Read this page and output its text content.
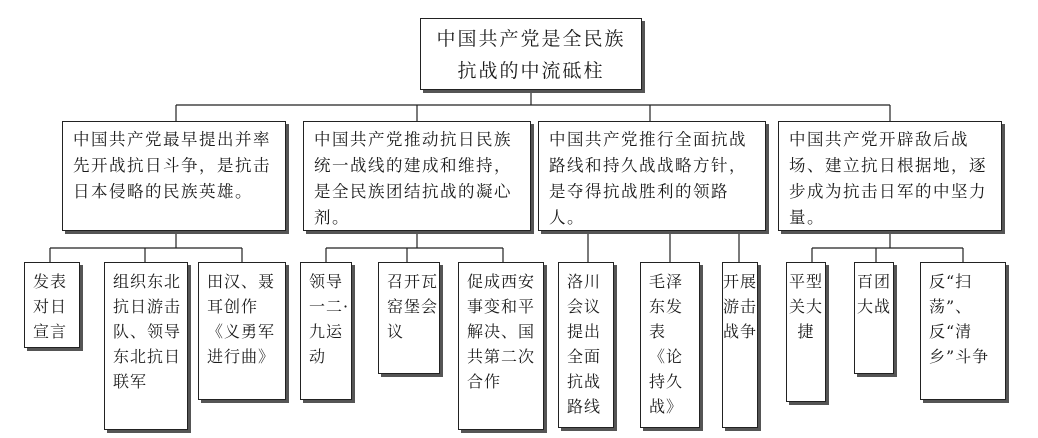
中国共产党是全民族
抗战的中流砥柱
中国共产党最早提出并率先开战抗日斗争，是抗击日本侵略的民族英雄。
中国共产党推动抗日民族统一战线的建成和维持，是全民族团结抗战的凝心剂。
中国共产党推行全面抗战路线和持久战战略方针，是夺得抗战胜利的领路人。
中国共产党开辟敌后战场、建立抗日根据地，逐步成为抗击日军的中坚力量。
发表对日宣言
组织东北抗日游击队、领导东北抗日联军
田汉、聂耳创作《义勇军进行曲》
领导一二·九运动
召开瓦窑堡会议
促成西安事变和平解决、国共第二次合作
洛川会议提出全面抗战路线
毛泽东发表《论持久战》
开展游击战争
平型关大捷
百团大战
反“扫荡”、反“清乡”斗争
